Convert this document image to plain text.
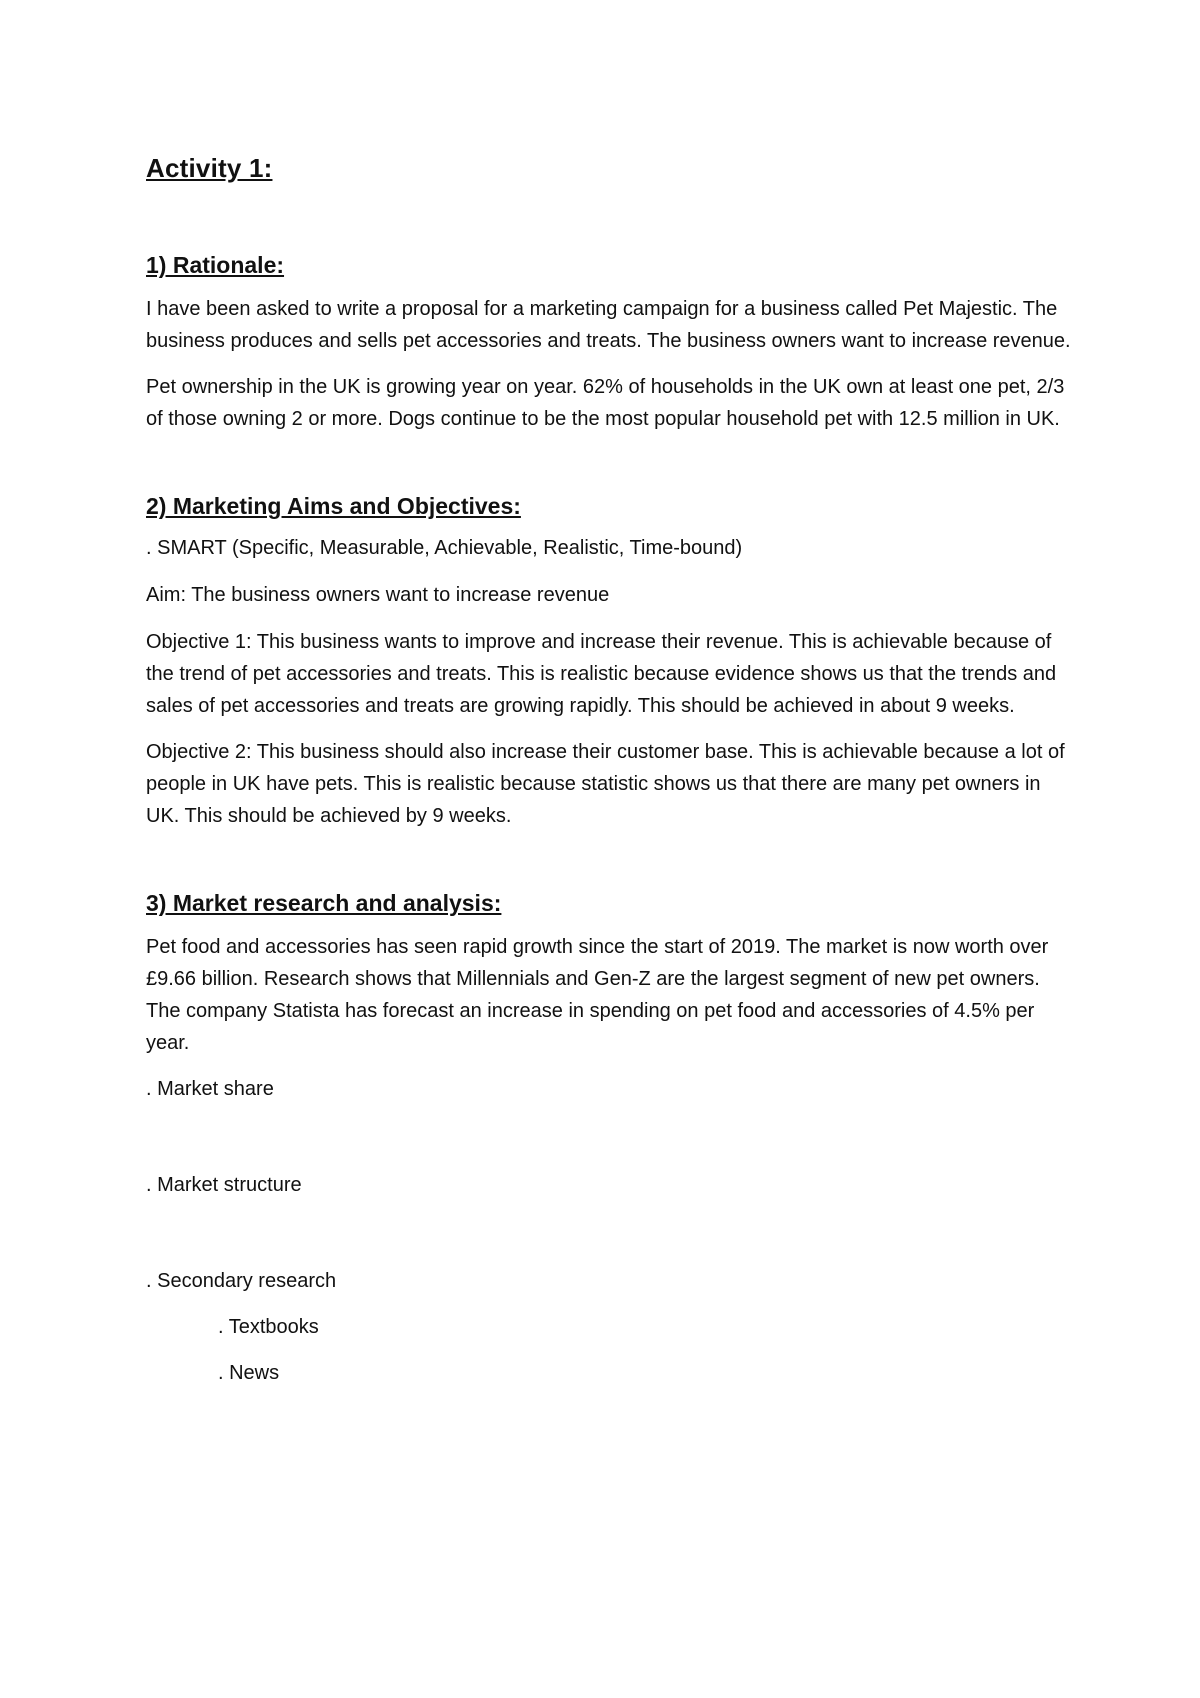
Activity 1:
1) Rationale:

I have been asked to write a proposal for a marketing campaign for a business called Pet Majestic. The business produces and sells pet accessories and treats. The business owners want to increase revenue.

Pet ownership in the UK is growing year on year. 62% of households in the UK own at least one pet, 2/3 of those owning 2 or more. Dogs continue to be the most popular household pet with 12.5 million in UK.

2) Marketing Aims and Objectives:

. SMART (Specific, Measurable, Achievable, Realistic, Time-bound)

Aim: The business owners want to increase revenue

Objective 1: This business wants to improve and increase their revenue. This is achievable because of the trend of pet accessories and treats. This is realistic because evidence shows us that the trends and sales of pet accessories and treats are growing rapidly. This should be achieved in about 9 weeks.

Objective 2: This business should also increase their customer base. This is achievable because a lot of people in UK have pets. This is realistic because statistic shows us that there are many pet owners in UK. This should be achieved by 9 weeks.

3) Market research and analysis:

Pet food and accessories has seen rapid growth since the start of 2019. The market is now worth over £9.66 billion. Research shows that Millennials and Gen-Z are the largest segment of new pet owners. The company Statista has forecast an increase in spending on pet food and accessories of 4.5% per year.

. Market share

. Market structure

. Secondary research

. Textbooks

. News
